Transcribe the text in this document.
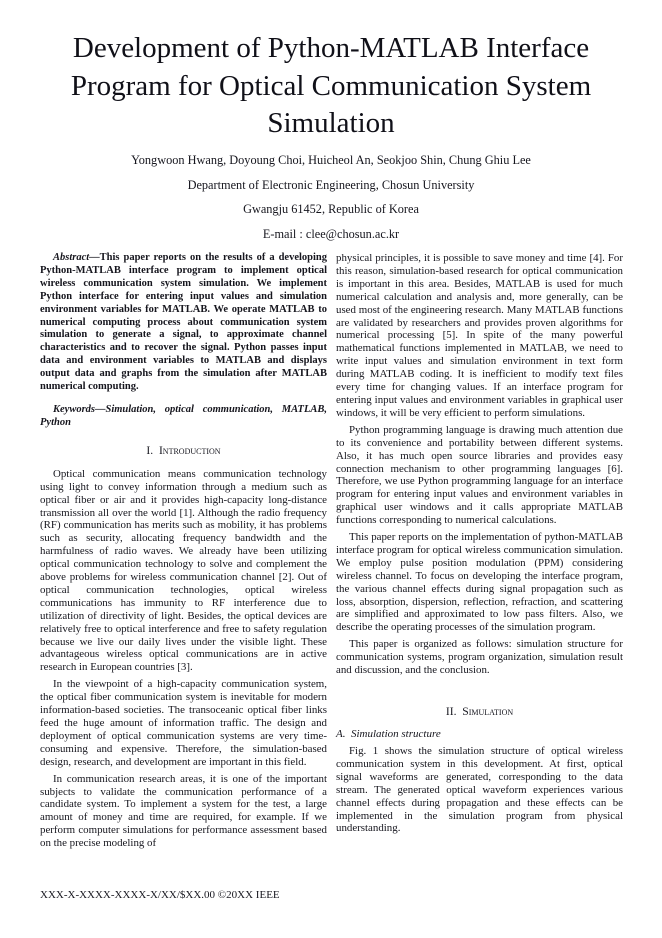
Development of Python-MATLAB Interface
Program for Optical Communication System
Simulation
Yongwoon Hwang, Doyoung Choi, Huicheol An, Seokjoo Shin, Chung Ghiu Lee
Department of Electronic Engineering, Chosun University
Gwangju 61452, Republic of Korea
E-mail : clee@chosun.ac.kr

Abstract—This paper reports on the results of a developing Python-MATLAB interface program to implement optical wireless communication system simulation. We implement Python interface for entering input values and simulation environment variables for MATLAB. We operate MATLAB to numerical computing process about communication system simulation to generate a signal, to approximate channel characteristics and to recover the signal. Python passes input data and environment variables to MATLAB and displays output data and graphs from the simulation after MATLAB numerical computing.

Keywords—Simulation, optical communication, MATLAB, Python

I. Introduction

Optical communication means communication technology using light to convey information through a medium such as optical fiber or air and it provides high-capacity long-distance transmission all over the world [1]. Although the radio frequency (RF) communication has merits such as mobility, it has problems such as security, allocating frequency bandwidth and the harmfulness of radio waves. We already have been utilizing optical communication technology to solve and complement the above problems for wireless communication channel [2]. Out of optical communication technologies, optical wireless communications has immunity to RF interference due to utilization of directivity of light. Besides, the optical devices are relatively free to optical interference and free to safety regulation because we live our daily lives under the visible light. These advantageous wireless optical communications are in active research in European countries [3].

In the viewpoint of a high-capacity communication system, the optical fiber communication system is inevitable for modern information-based societies. The transoceanic optical fiber links feed the huge amount of information traffic. The design and deployment of optical communication systems are very time-consuming and expensive. Therefore, the simulation-based design, research, and development are important in this field.

In communication research areas, it is one of the important subjects to validate the communication performance of a candidate system. To implement a system for the test, a large amount of money and time are required, for example. If we perform computer simulations for performance assessment based on the precise modeling of

physical principles, it is possible to save money and time [4]. For this reason, simulation-based research for optical communication is important in this area. Besides, MATLAB is used for much numerical calculation and analysis and, more generally, can be used most of the engineering research. Many MATLAB functions are validated by researchers and provides proven algorithms for numerical processing [5]. In spite of the many powerful mathematical functions implemented in MATLAB, we need to write input values and simulation environment in text form during MATLAB coding. It is inefficient to modify text files every time for changing values. If an interface program for entering input values and environment variables in graphical user windows, it will be very efficient to perform simulations.

Python programming language is drawing much attention due to its convenience and portability between different systems. Also, it has much open source libraries and provides easy connection mechanism to other programming languages [6]. Therefore, we use Python programming language for an interface program for entering input values and environment variables in graphical user windows and it calls appropriate MATLAB functions corresponding to numerical calculations.

This paper reports on the implementation of python-MATLAB interface program for optical wireless communication simulation. We employ pulse position modulation (PPM) considering wireless channel. To focus on developing the interface program, the various channel effects during signal propagation such as loss, absorption, dispersion, reflection, refraction, and scattering are simplified and approximated to low pass filters. Also, we describe the operating processes of the simulation program.

This paper is organized as follows: simulation structure for communication systems, program organization, simulation result and discussion, and the conclusion.

II. Simulation

A. Simulation structure

Fig. 1 shows the simulation structure of optical wireless communication system in this development. At first, optical signal waveforms are generated, corresponding to the data stream. The generated optical waveform experiences various channel effects during propagation and these effects can be implemented in the simulation program from physical understanding.

XXX-X-XXXX-XXXX-X/XX/$XX.00 ©20XX IEEE
